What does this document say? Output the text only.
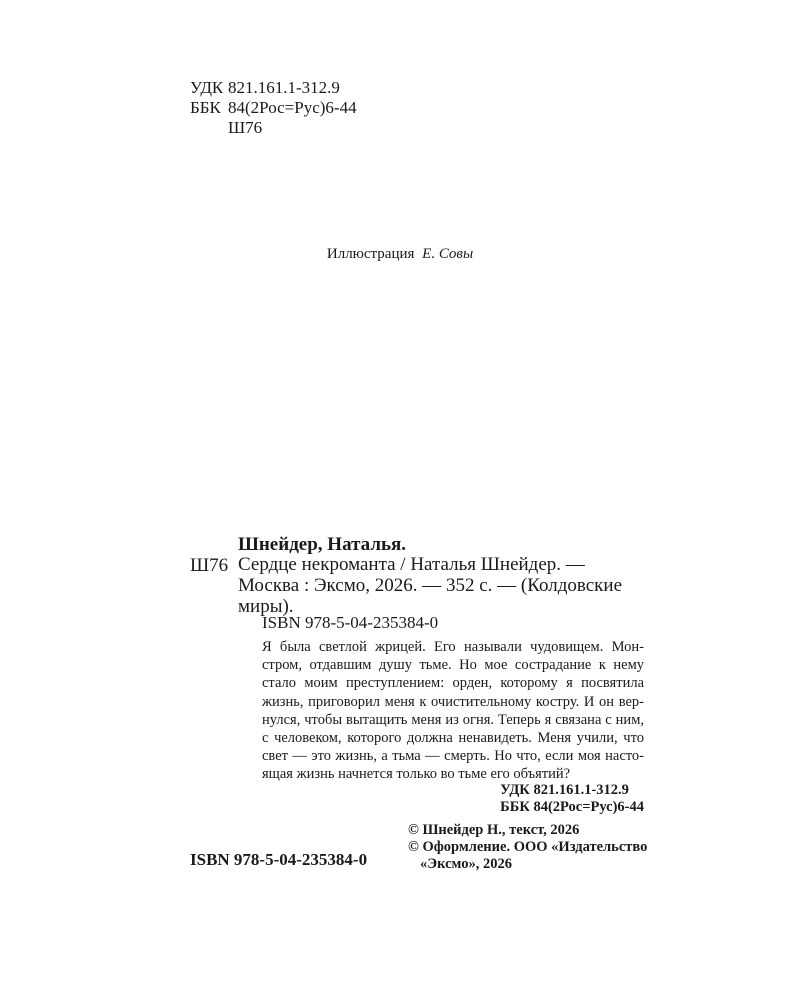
УДК 821.161.1-312.9
ББК 84(2Рос=Рус)6-44
Ш76
Иллюстрация Е. Совы
Шнейдер, Наталья.
Ш76 Сердце некроманта / Наталья Шнейдер. —
Москва : Эксмо, 2026. — 352 с. — (Колдовские
миры).
ISBN 978-5-04-235384-0
Я была светлой жрицей. Его называли чудовищем. Мон-
стром, отдавшим душу тьме. Но мое сострадание к нему
стало моим преступлением: орден, которому я посвятила
жизнь, приговорил меня к очистительному костру. И он вер-
нулся, чтобы вытащить меня из огня. Теперь я связана с ним,
с человеком, которого должна ненавидеть. Меня учили, что
свет — это жизнь, а тьма — смерть. Но что, если моя насто-
ящая жизнь начнется только во тьме его объятий?
УДК 821.161.1-312.9
ББК 84(2Рос=Рус)6-44
ISBN 978-5-04-235384-0
© Шнейдер Н., текст, 2026
© Оформление. ООО «Издательство
«Эксмо», 2026
